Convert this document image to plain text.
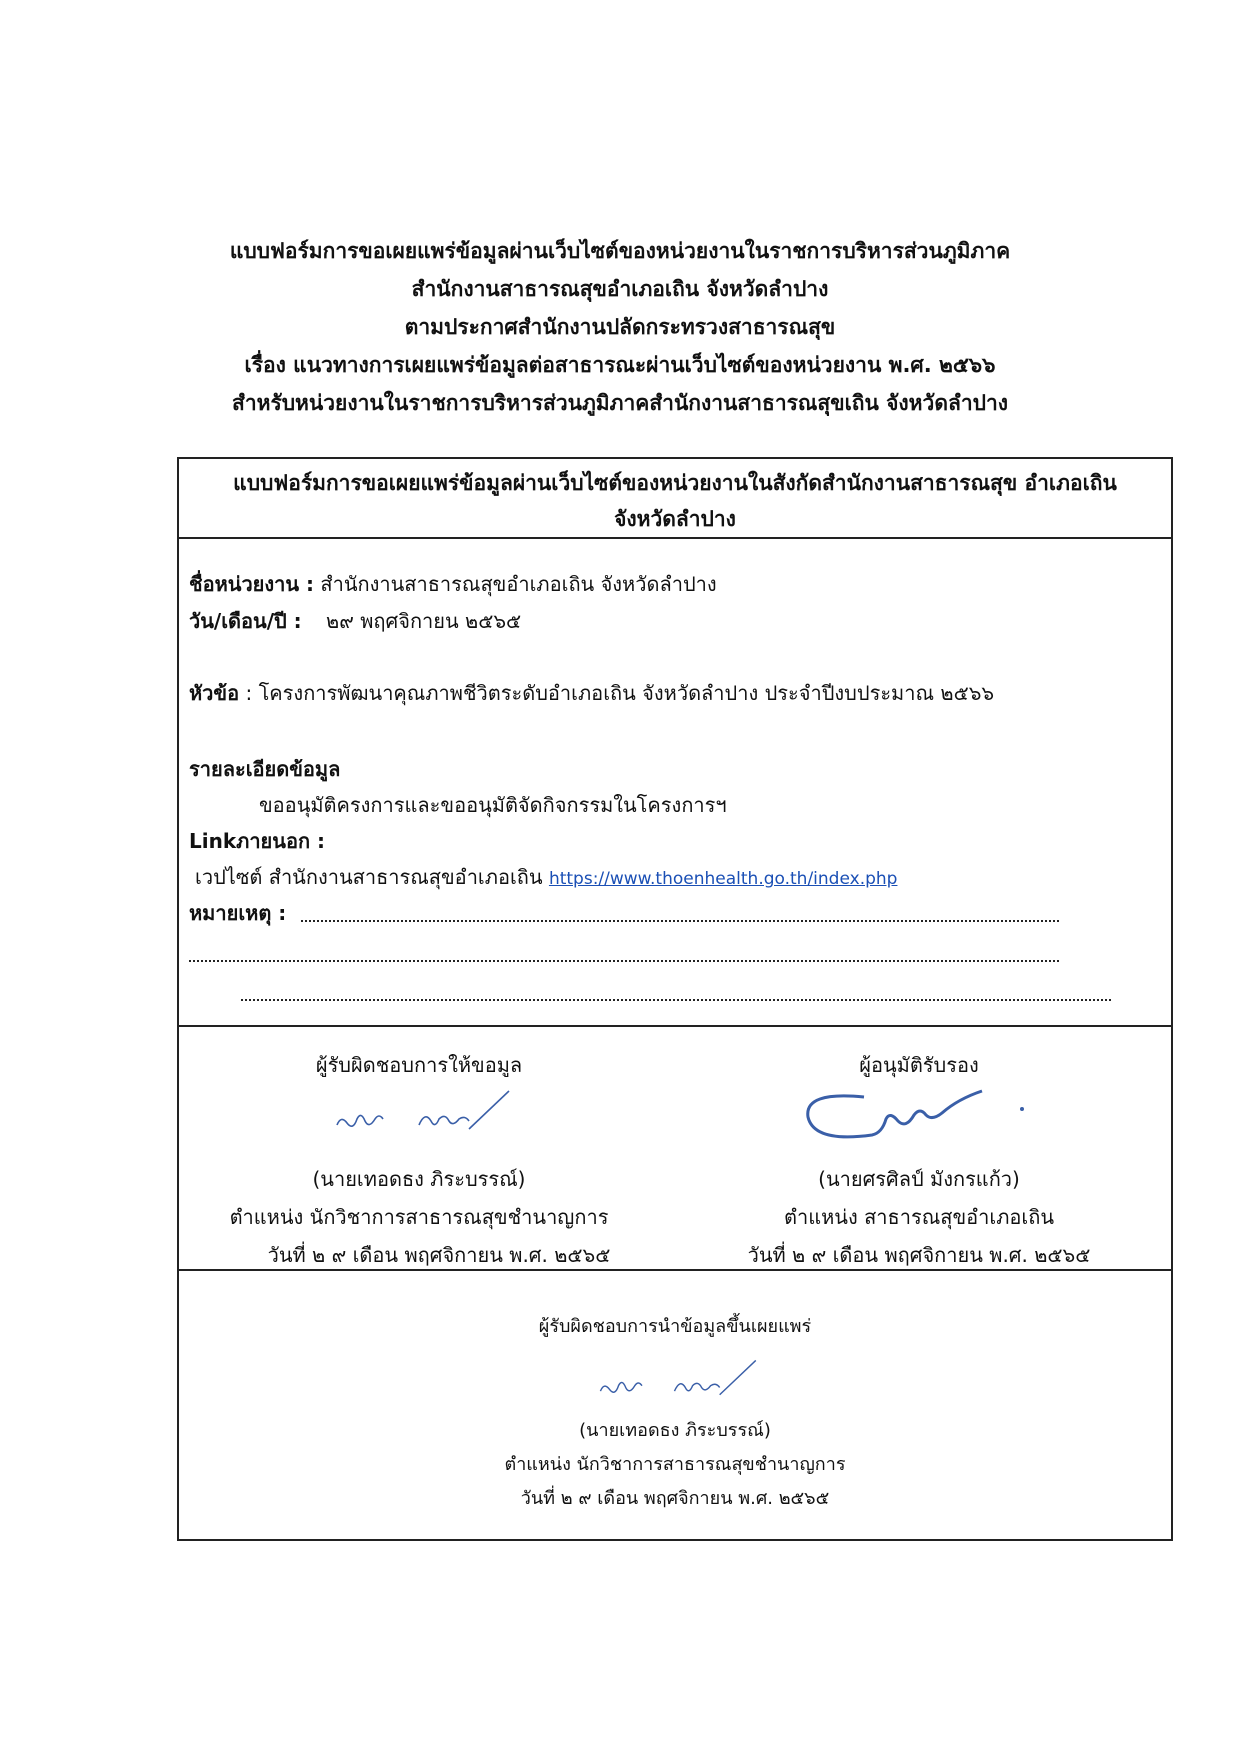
แบบฟอร์มการขอเผยแพร่ข้อมูลผ่านเว็บไซต์ของหน่วยงานในราชการบริหารส่วนภูมิภาค
สำนักงานสาธารณสุขอำเภอเถิน จังหวัดลำปาง
ตามประกาศสำนักงานปลัดกระทรวงสาธารณสุข
เรื่อง แนวทางการเผยแพร่ข้อมูลต่อสาธารณะผ่านเว็บไซต์ของหน่วยงาน พ.ศ. ๒๕๖๖
สำหรับหน่วยงานในราชการบริหารส่วนภูมิภาคสำนักงานสาธารณสุขเถิน จังหวัดลำปาง
แบบฟอร์มการขอเผยแพร่ข้อมูลผ่านเว็บไซต์ของหน่วยงานในสังกัดสำนักงานสาธารณสุข อำเภอเถิน
จังหวัดลำปาง
ชื่อหน่วยงาน : สำนักงานสาธารณสุขอำเภอเถิน จังหวัดลำปาง
วัน/เดือน/ปี : ๒๙ พฤศจิกายน ๒๕๖๕
หัวข้อ : โครงการพัฒนาคุณภาพชีวิตระดับอำเภอเถิน จังหวัดลำปาง ประจำปีงบประมาณ ๒๕๖๖
รายละเอียดข้อมูล
ขออนุมัติครงการและขออนุมัติจัดกิจกรรมในโครงการฯ
Linkภายนอก :
เวปไซต์ สำนักงานสาธารณสุขอำเภอเถิน https://www.thoenhealth.go.th/index.php
หมายเหตุ :
ผู้รับผิดชอบการให้ขอมูล
(นายเทอดธง ภิระบรรณ์)
ตำแหน่ง นักวิชาการสาธารณสุขชำนาญการ
วันที่ ๒ ๙ เดือน พฤศจิกายน พ.ศ. ๒๕๖๕
ผู้อนุมัติรับรอง
(นายศรศิลป์ มังกรแก้ว)
ตำแหน่ง สาธารณสุขอำเภอเถิน
วันที่ ๒ ๙ เดือน พฤศจิกายน พ.ศ. ๒๕๖๕
ผู้รับผิดชอบการนำข้อมูลขึ้นเผยแพร่
(นายเทอดธง ภิระบรรณ์)
ตำแหน่ง นักวิชาการสาธารณสุขชำนาญการ
วันที่ ๒ ๙ เดือน พฤศจิกายน พ.ศ. ๒๕๖๕
